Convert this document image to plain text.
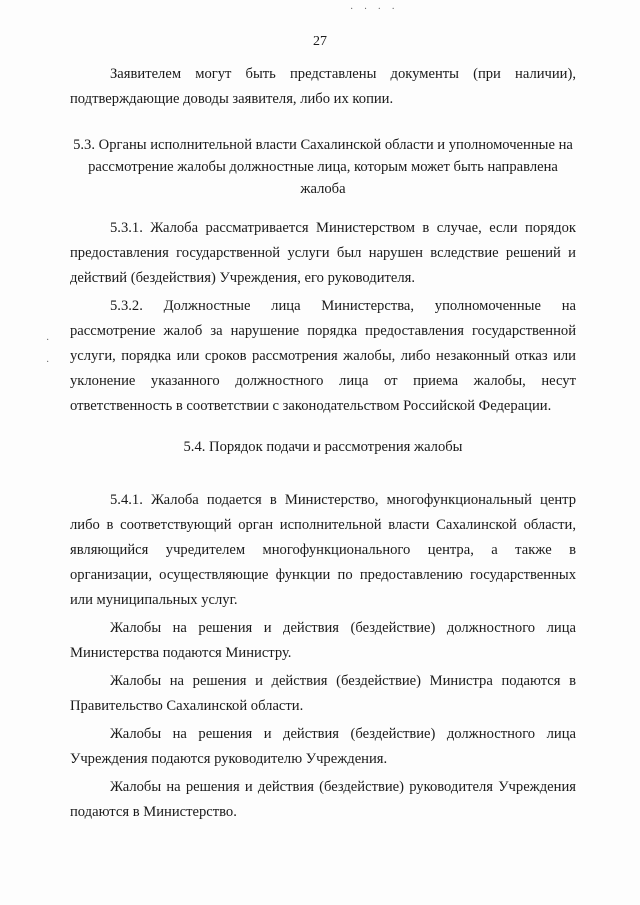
27

Заявителем могут быть представлены документы (при наличии), подтверждающие доводы заявителя, либо их копии.

5.3. Органы исполнительной власти Сахалинской области и уполномоченные на рассмотрение жалобы должностные лица, которым может быть направлена жалоба

5.3.1. Жалоба рассматривается Министерством в случае, если порядок предоставления государственной услуги был нарушен вследствие решений и действий (бездействия) Учреждения, его руководителя.

5.3.2. Должностные лица Министерства, уполномоченные на рассмотрение жалоб за нарушение порядка предоставления государственной услуги, порядка или сроков рассмотрения жалобы, либо незаконный отказ или уклонение указанного должностного лица от приема жалобы, несут ответственность в соответствии с законодательством Российской Федерации.

5.4. Порядок подачи и рассмотрения жалобы

5.4.1. Жалоба подается в Министерство, многофункциональный центр либо в соответствующий орган исполнительной власти Сахалинской области, являющийся учредителем многофункционального центра, а также в организации, осуществляющие функции по предоставлению государственных или муниципальных услуг.

Жалобы на решения и действия (бездействие) должностного лица Министерства подаются Министру.

Жалобы на решения и действия (бездействие) Министра подаются в Правительство Сахалинской области.

Жалобы на решения и действия (бездействие) должностного лица Учреждения подаются руководителю Учреждения.

Жалобы на решения и действия (бездействие) руководителя Учреждения подаются в Министерство.

·
·
· · · ·
